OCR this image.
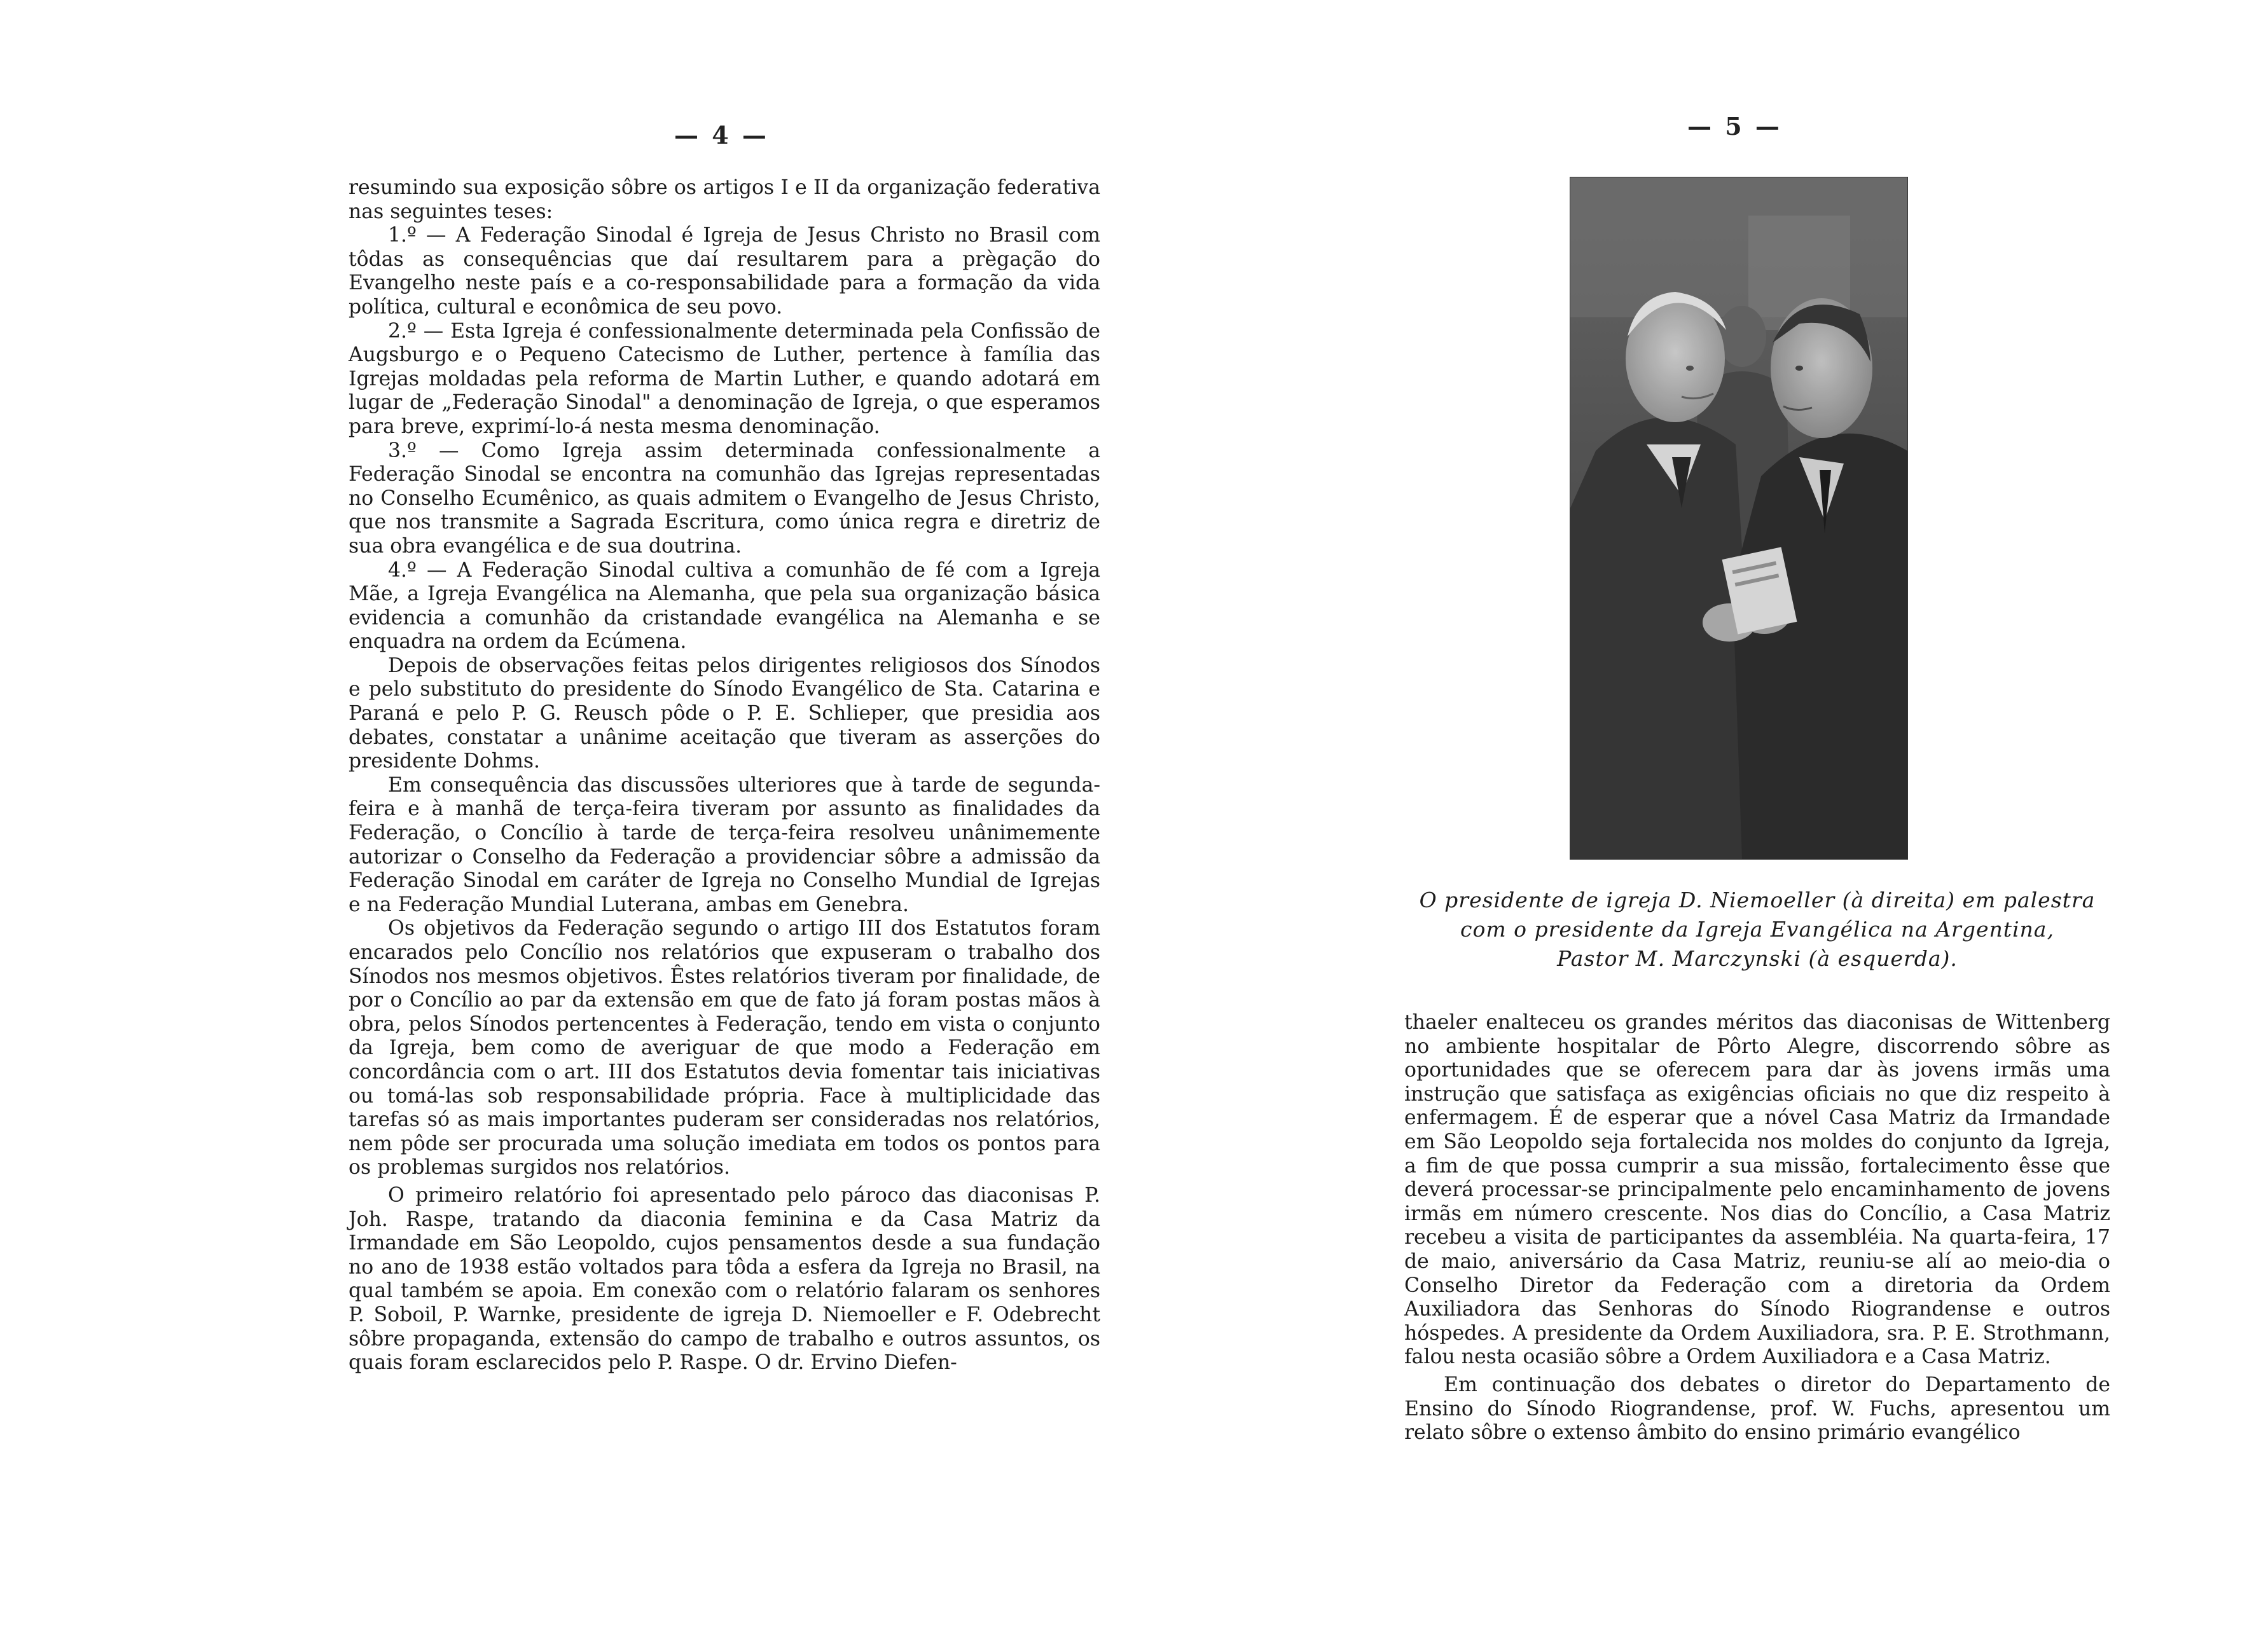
— 4 —

resumindo sua exposição sôbre os artigos I e II da organização federativa nas seguintes teses:

1.º — A Federação Sinodal é Igreja de Jesus Christo no Brasil com tôdas as consequências que daí resultarem para a prègação do Evangelho neste país e a co-responsabilidade para a formação da vida política, cultural e econômica de seu povo.

2.º — Esta Igreja é confessionalmente determinada pela Confissão de Augsburgo e o Pequeno Catecismo de Luther, pertence à família das Igrejas moldadas pela reforma de Martin Luther, e quando adotará em lugar de „Federação Sinodal" a denominação de Igreja, o que esperamos para breve, exprimí-lo-á nesta mesma denominação.

3.º — Como Igreja assim determinada confessionalmente a Federação Sinodal se encontra na comunhão das Igrejas representadas no Conselho Ecumênico, as quais admitem o Evangelho de Jesus Christo, que nos transmite a Sagrada Escritura, como única regra e diretriz de sua obra evangélica e de sua doutrina.

4.º — A Federação Sinodal cultiva a comunhão de fé com a Igreja Mãe, a Igreja Evangélica na Alemanha, que pela sua organização básica evidencia a comunhão da cristandade evangélica na Alemanha e se enquadra na ordem da Ecúmena.

Depois de observações feitas pelos dirigentes religiosos dos Sínodos e pelo substituto do presidente do Sínodo Evangélico de Sta. Catarina e Paraná e pelo P. G. Reusch pôde o P. E. Schlieper, que presidia aos debates, constatar a unânime aceitação que tiveram as asserções do presidente Dohms.

Em consequência das discussões ulteriores que à tarde de segunda-feira e à manhã de terça-feira tiveram por assunto as finalidades da Federação, o Concílio à tarde de terça-feira resolveu unânimemente autorizar o Conselho da Federação a providenciar sôbre a admissão da Federação Sinodal em caráter de Igreja no Conselho Mundial de Igrejas e na Federação Mundial Luterana, ambas em Genebra.

Os objetivos da Federação segundo o artigo III dos Estatutos foram encarados pelo Concílio nos relatórios que expuseram o trabalho dos Sínodos nos mesmos objetivos. Êstes relatórios tiveram por finalidade, de por o Concílio ao par da extensão em que de fato já foram postas mãos à obra, pelos Sínodos pertencentes à Federação, tendo em vista o conjunto da Igreja, bem como de averiguar de que modo a Federação em concordância com o art. III dos Estatutos devia fomentar tais iniciativas ou tomá-las sob responsabilidade própria. Face à multiplicidade das tarefas só as mais importantes puderam ser consideradas nos relatórios, nem pôde ser procurada uma solução imediata em todos os pontos para os problemas surgidos nos relatórios.

O primeiro relatório foi apresentado pelo pároco das diaconisas P. Joh. Raspe, tratando da diaconia feminina e da Casa Matriz da Irmandade em São Leopoldo, cujos pensamentos desde a sua fundação no ano de 1938 estão voltados para tôda a esfera da Igreja no Brasil, na qual também se apoia. Em conexão com o relatório falaram os senhores P. Soboil, P. Warnke, presidente de igreja D. Niemoeller e F. Odebrecht sôbre propaganda, extensão do campo de trabalho e outros assuntos, os quais foram esclarecidos pelo P. Raspe. O dr. Ervino Diefen-

— 5 —
O presidente de igreja D. Niemoeller (à direita) em palestra
com o presidente da Igreja Evangélica na Argentina,
Pastor M. Marczynski (à esquerda).

thaeler enalteceu os grandes méritos das diaconisas de Wittenberg no ambiente hospitalar de Pôrto Alegre, discorrendo sôbre as oportunidades que se oferecem para dar às jovens irmãs uma instrução que satisfaça as exigências oficiais no que diz respeito à enfermagem. É de esperar que a nóvel Casa Matriz da Irmandade em São Leopoldo seja fortalecida nos moldes do conjunto da Igreja, a fim de que possa cumprir a sua missão, fortalecimento êsse que deverá processar-se principalmente pelo encaminhamento de jovens irmãs em número crescente. Nos dias do Concílio, a Casa Matriz recebeu a visita de participantes da assembléia. Na quarta-feira, 17 de maio, aniversário da Casa Matriz, reuniu-se alí ao meio-dia o Conselho Diretor da Federação com a diretoria da Ordem Auxiliadora das Senhoras do Sínodo Riograndense e outros hóspedes. A presidente da Ordem Auxiliadora, sra. P. E. Strothmann, falou nesta ocasião sôbre a Ordem Auxiliadora e a Casa Matriz.

Em continuação dos debates o diretor do Departamento de Ensino do Sínodo Riograndense, prof. W. Fuchs, apresentou um relato sôbre o extenso âmbito do ensino primário evangélico
